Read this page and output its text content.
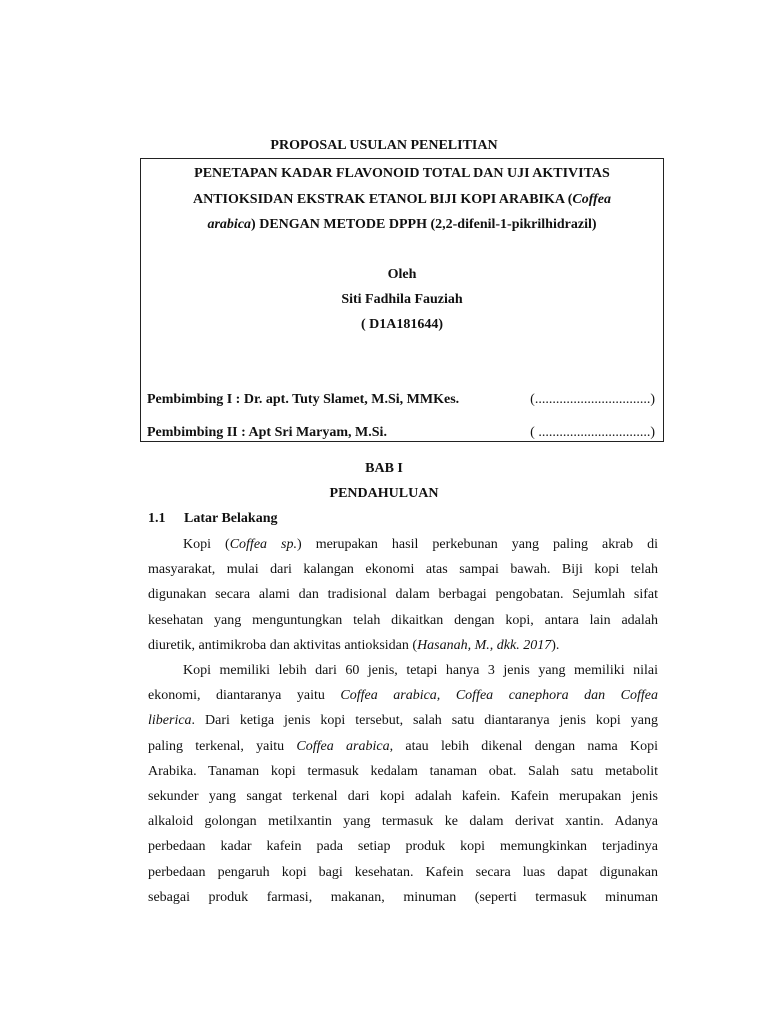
PROPOSAL USULAN PENELITIAN
PENETAPAN KADAR FLAVONOID TOTAL DAN UJI AKTIVITAS
ANTIOKSIDAN EKSTRAK ETANOL BIJI KOPI ARABIKA (Coffea
arabica) DENGAN METODE DPPH (2,2-difenil-1-pikrilhidrazil)
Oleh
Siti Fadhila Fauziah
( D1A181644)
Pembimbing I : Dr. apt. Tuty Slamet, M.Si, MMKes.	(.................................)
Pembimbing II : Apt Sri Maryam, M.Si.	( ................................)
BAB I
PENDAHULUAN
1.1 Latar Belakang
Kopi (Coffea sp.) merupakan hasil perkebunan yang paling akrab di
masyarakat, mulai dari kalangan ekonomi atas sampai bawah. Biji kopi telah
digunakan secara alami dan tradisional dalam berbagai pengobatan. Sejumlah sifat
kesehatan yang menguntungkan telah dikaitkan dengan kopi, antara lain adalah
diuretik, antimikroba dan aktivitas antioksidan (Hasanah, M., dkk. 2017).
Kopi memiliki lebih dari 60 jenis, tetapi hanya 3 jenis yang memiliki nilai
ekonomi, diantaranya yaitu Coffea arabica, Coffea canephora dan Coffea
liberica. Dari ketiga jenis kopi tersebut, salah satu diantaranya jenis kopi yang
paling terkenal, yaitu Coffea arabica, atau lebih dikenal dengan nama Kopi
Arabika. Tanaman kopi termasuk kedalam tanaman obat. Salah satu metabolit
sekunder yang sangat terkenal dari kopi adalah kafein. Kafein merupakan jenis
alkaloid golongan metilxantin yang termasuk ke dalam derivat xantin. Adanya
perbedaan kadar kafein pada setiap produk kopi memungkinkan terjadinya
perbedaan pengaruh kopi bagi kesehatan. Kafein secara luas dapat digunakan
sebagai produk farmasi, makanan, minuman (seperti termasuk minuman
